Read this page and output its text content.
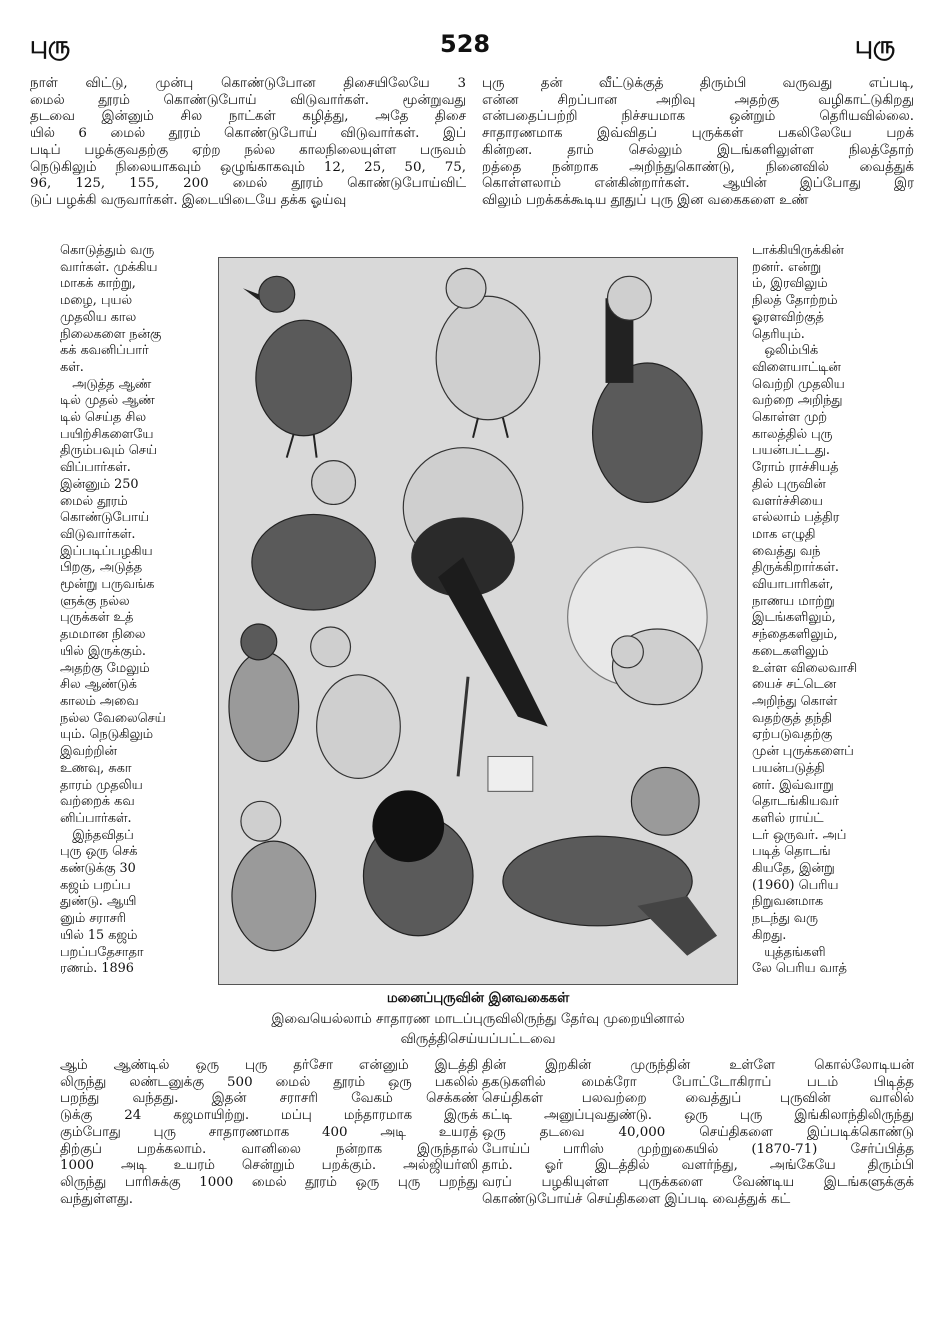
புரு	528	புரு

நாள் விட்டு, முன்பு கொண்டுபோன திசையிலேயே 3

மைல் தூரம் கொண்டுபோய் விடுவார்கள். மூன்றுவது

தடவை இன்னும் சில நாட்கள் கழித்து, அதே திசை

யில் 6 மைல் தூரம் கொண்டுபோய் விடுவார்கள். இப்

படிப் பழக்குவதற்கு ஏற்ற நல்ல காலநிலையுள்ள பருவம்

நெடுகிலும் நிலையாகவும் ஒழுங்காகவும் 12, 25, 50, 75,

96, 125, 155, 200 மைல் தூரம் கொண்டுபோய்விட்

டுப் பழக்கி வருவார்கள். இடையிடையே தக்க ஓய்வு

புரு தன் வீட்டுக்குத் திரும்பி வருவது எப்படி,

என்ன சிறப்பான அறிவு அதற்கு வழிகாட்டுகிறது

என்பதைப்பற்றி நிச்சயமாக ஒன்றும் தெரியவில்லை.

சாதாரணமாக இவ்விதப் புருக்கள் பகலிலேயே பறக்

கின்றன. தாம் செல்லும் இடங்களிலுள்ள நிலத்தோற்

றத்தை நன்றாக அறிந்துகொண்டு, நினைவில் வைத்துக்

கொள்ளலாம் என்கின்றார்கள். ஆயின் இப்போது இர

விலும் பறக்கக்கூடிய தூதுப் புரு இன வகைகளை உண்

கொடுத்தும் வரு

வார்கள். முக்கிய

மாகக் காற்று,

மழை, புயல்

முதலிய கால

நிலைகளை நன்கு

கக் கவனிப்பார்

கள்.

அடுத்த ஆண்

டில் முதல் ஆண்

டில் செய்த சில

பயிற்சிகளையே

திரும்பவும் செய்

விப்பார்கள்.

இன்னும் 250

மைல் தூரம்

கொண்டுபோய்

விடுவார்கள்.

இப்படிப்பழகிய

பிறகு, அடுத்த

மூன்று பருவங்க

ளுக்கு நல்ல

புருக்கள் உத்

தமமான நிலை

யில் இருக்கும்.

அதற்கு மேலும்

சில ஆண்டுக்

காலம் அவை

நல்ல வேலைசெய்

யும். நெடுகிலும்

இவற்றின்

உணவு, சுகா

தாரம் முதலிய

வற்றைக் கவ

னிப்பார்கள்.

இந்தவிதப்

புரு ஒரு செக்

கண்டுக்கு 30

கஜம் பறப்ப

துண்டு. ஆயி

னும் சராசரி

யில் 15 கஜம்

பறப்பதேசாதா

ரணம். 1896

டாக்கியிருக்கின்

றனர். என்று

ம், இரவிலும்

நிலத் தோற்றம்

ஓரளவிற்குத்

தெரியும்.

ஒலிம்பிக்

விளையாட்டின்

வெற்றி முதலிய

வற்றை அறிந்து

கொள்ள முற்

காலத்தில் புரு

பயன்பட்டது.

ரோம் ராச்சியத்

தில் புருவின்

வளர்ச்சியை

எல்லாம் பத்திர

மாக எழுதி

வைத்து வந்

திருக்கிறார்கள்.

வியாபாரிகள்,

நாணய மாற்று

இடங்களிலும்,

சந்தைகளிலும்,

கடைகளிலும்

உள்ள விலைவாசி

யைச் சட்டென

அறிந்து கொள்

வதற்குத் தந்தி

ஏற்படுவதற்கு

முன் புருக்களைப்

பயன்படுத்தி

னர். இவ்வாறு

தொடங்கியவர்

களில் ராய்ட்

டர் ஒருவர். அப்

படித் தொடங்

கியதே, இன்று

(1960) பெரிய

நிறுவனமாக

நடந்து வரு

கிறது.

யுத்தங்களி

லே பெரிய வாத்

மனைப்புருவின் இனவகைகள்
இவையெல்லாம் சாதாரண மாடப்புருவிலிருந்து தேர்வு முறையினால்
விருத்திசெய்யப்பட்டவை

ஆம் ஆண்டில் ஒரு புரு தர்சோ என்னும் இடத்தி

லிருந்து லண்டனுக்கு 500 மைல் தூரம் ஒரு பகலில்

பறந்து வந்தது. இதன் சராசரி வேகம் செக்கண்

டுக்கு 24 கஜமாயிற்று. மப்பு மந்தாரமாக இருக்

கும்போது புரு சாதாரணமாக 400 அடி உயரத்

திற்குப் பறக்கலாம். வானிலை நன்றாக இருந்தால்

1000 அடி உயரம் சென்றும் பறக்கும். அல்ஜியர்ஸி

லிருந்து பாரிசுக்கு 1000 மைல் தூரம் ஒரு புரு பறந்து

வந்துள்ளது.

தின் இறகின் முருந்தின் உள்ளே கொல்லோடியன்

தகடுகளில் மைக்ரோ போட்டோகிராப் படம் பிடித்த

செய்திகள் பலவற்றை வைத்துப் புருவின் வாலில்

கட்டி அனுப்புவதுண்டு. ஒரு புரு இங்கிலாந்திலிருந்து

ஒரு தடவை 40,000 செய்திகளை இப்படிக்கொண்டு

போய்ப் பாரிஸ் முற்றுகையில் (1870-71) சேர்ப்பித்த

தாம். ஓர் இடத்தில் வளர்ந்து, அங்கேயே திரும்பி

வரப் பழகியுள்ள புருக்களை வேண்டிய இடங்களுக்குக்

கொண்டுபோய்ச் செய்திகளை இப்படி வைத்துக் கட்
